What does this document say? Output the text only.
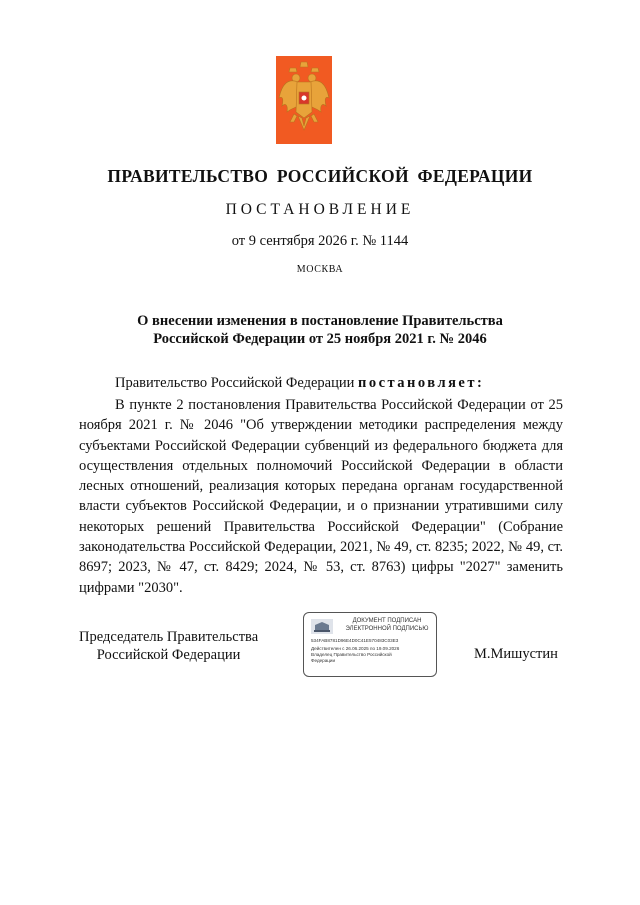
ПРАВИТЕЛЬСТВО РОССИЙСКОЙ ФЕДЕРАЦИИ
ПОСТАНОВЛЕНИЕ
от 9 сентября 2026 г. № 1144
МОСКВА
О внесении изменения в постановление Правительства
Российской Федерации от 25 ноября 2021 г. № 2046
Правительство Российской Федерации постановляет:

В пункте 2 постановления Правительства Российской Федерации от 25 ноября 2021 г. № 2046 "Об утверждении методики распределения между субъектами Российской Федерации субвенций из федерального бюджета для осуществления отдельных полномочий Российской Федерации в области лесных отношений, реализация которых передана органам государственной власти субъектов Российской Федерации, и о признании утратившими силу некоторых решений Правительства Российской Федерации" (Собрание законодательства Российской Федерации, 2021, № 49, ст. 8235; 2022, № 49, ст. 8697; 2023, № 47, ст. 8429; 2024, № 53, ст. 8763) цифры "2027" заменить цифрами "2030".

Председатель Правительства
Российской Федерации
ДОКУМЕНТ ПОДПИСАН
ЭЛЕКТРОННОЙ ПОДПИСЬЮ
534FAB8781D96E4D0C41E570483C03E3
Действителен с 26.06.2025 по 19.09.2026
Владелец Правительство Российской
Федерации	М.Мишустин
